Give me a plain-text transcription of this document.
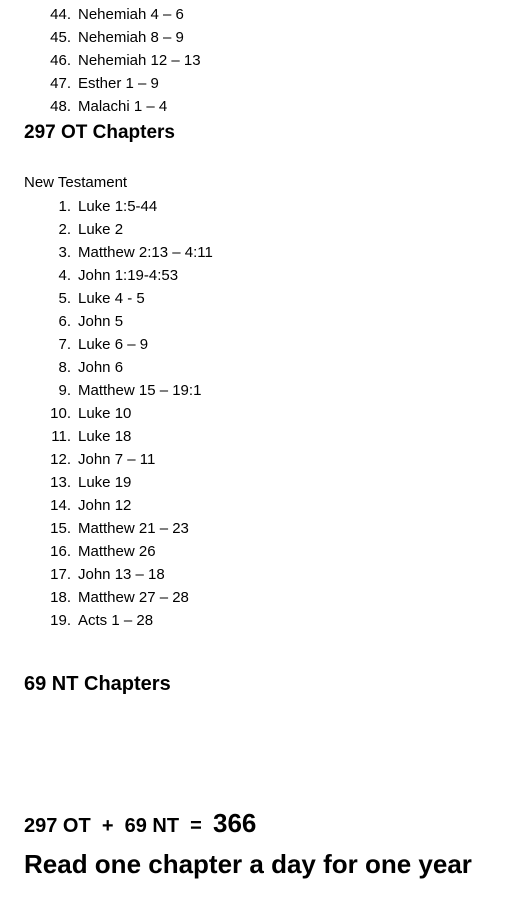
44. Nehemiah 4 – 6
45. Nehemiah 8 – 9
46. Nehemiah 12 – 13
47. Esther 1 – 9
48. Malachi 1 – 4
297 OT Chapters
New Testament
1. Luke 1:5-44
2. Luke 2
3. Matthew 2:13 – 4:11
4. John 1:19-4:53
5. Luke 4 - 5
6. John 5
7. Luke 6 – 9
8. John 6
9. Matthew 15 – 19:1
10. Luke 10
11. Luke 18
12. John 7 – 11
13. Luke 19
14. John 12
15. Matthew 21 – 23
16. Matthew 26
17. John 13 – 18
18. Matthew 27 – 28
19. Acts 1 – 28
69 NT Chapters
297 OT  +  69 NT  =  366
Read one chapter a day for one year
